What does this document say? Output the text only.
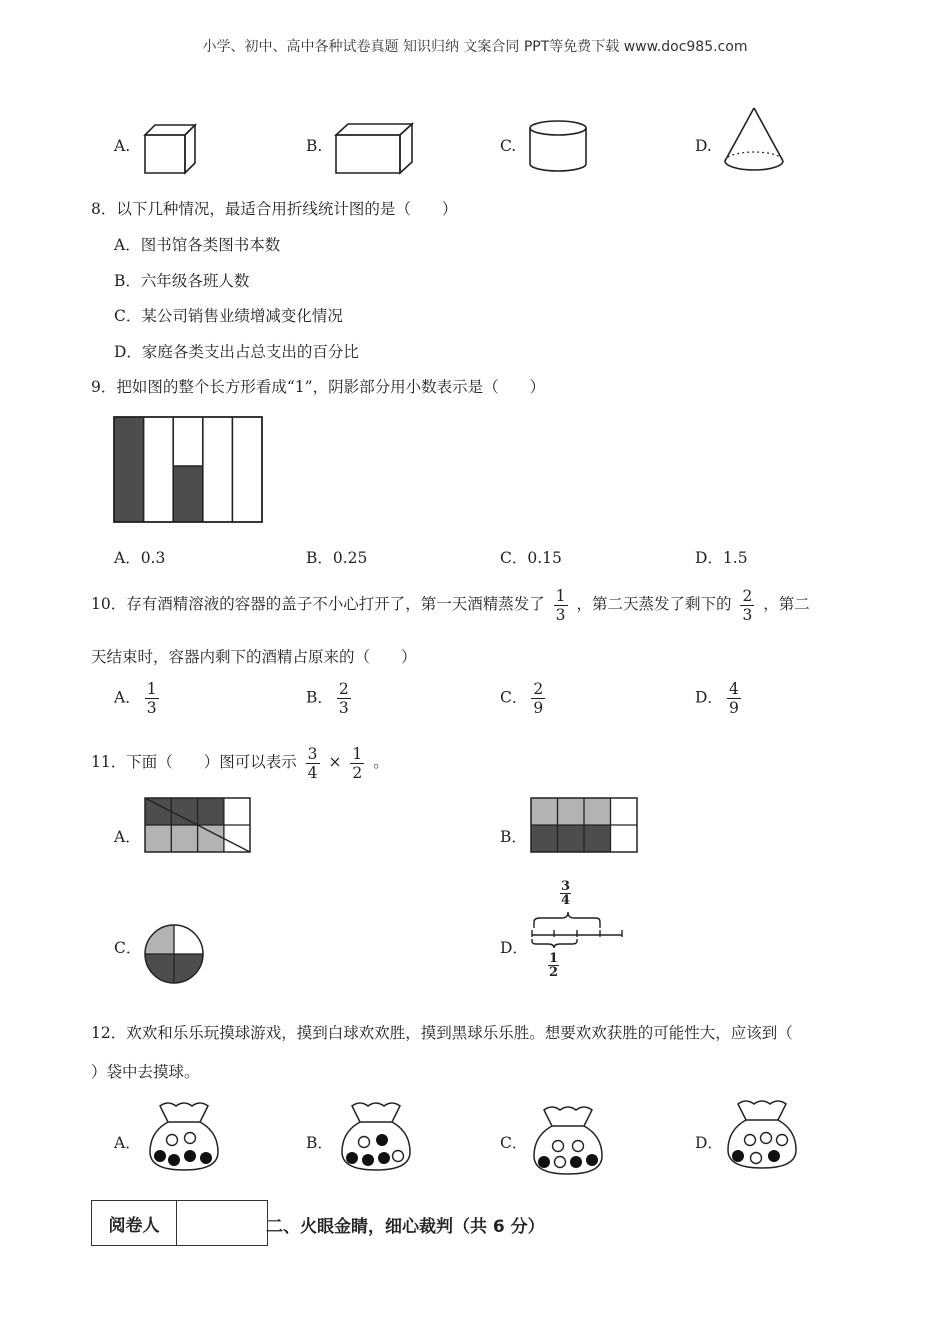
小学、初中、高中各种试卷真题 知识归纳 文案合同 PPT等免费下载 www.doc985.com
A.	B.	C.	D.
8．以下几种情况，最适合用折线统计图的是（　　）
A．图书馆各类图书本数
B．六年级各班人数
C．某公司销售业绩增减变化情况
D．家庭各类支出占总支出的百分比
9．把如图的整个长方形看成“1”，阴影部分用小数表示是（　　）
A．0.3	B．0.25	C．0.15	D．1.5
10．存有酒精溶液的容器的盖子不小心打开了，第一天酒精蒸发了 $\frac{1}{3}$ ，第二天蒸发了剩下的 $\frac{2}{3}$ ，第二
天结束时，容器内剩下的酒精占原来的（　　）
A． $\frac{1}{3}$	B． $\frac{2}{3}$	C． $\frac{2}{9}$	D． $\frac{4}{9}$
11．下面（　　）图可以表示 $\frac{3}{4} \times \frac{1}{2}$ 。
A．	B．
C．	D．
$\frac{3}{4}$
$\frac{1}{2}$
12．欢欢和乐乐玩摸球游戏，摸到白球欢欢胜，摸到黑球乐乐胜。想要欢欢获胜的可能性大，应该到（
）袋中去摸球。
A．	B．	C．	D．
阅卷人		二、火眼金睛，细心裁判（共 6 分）
